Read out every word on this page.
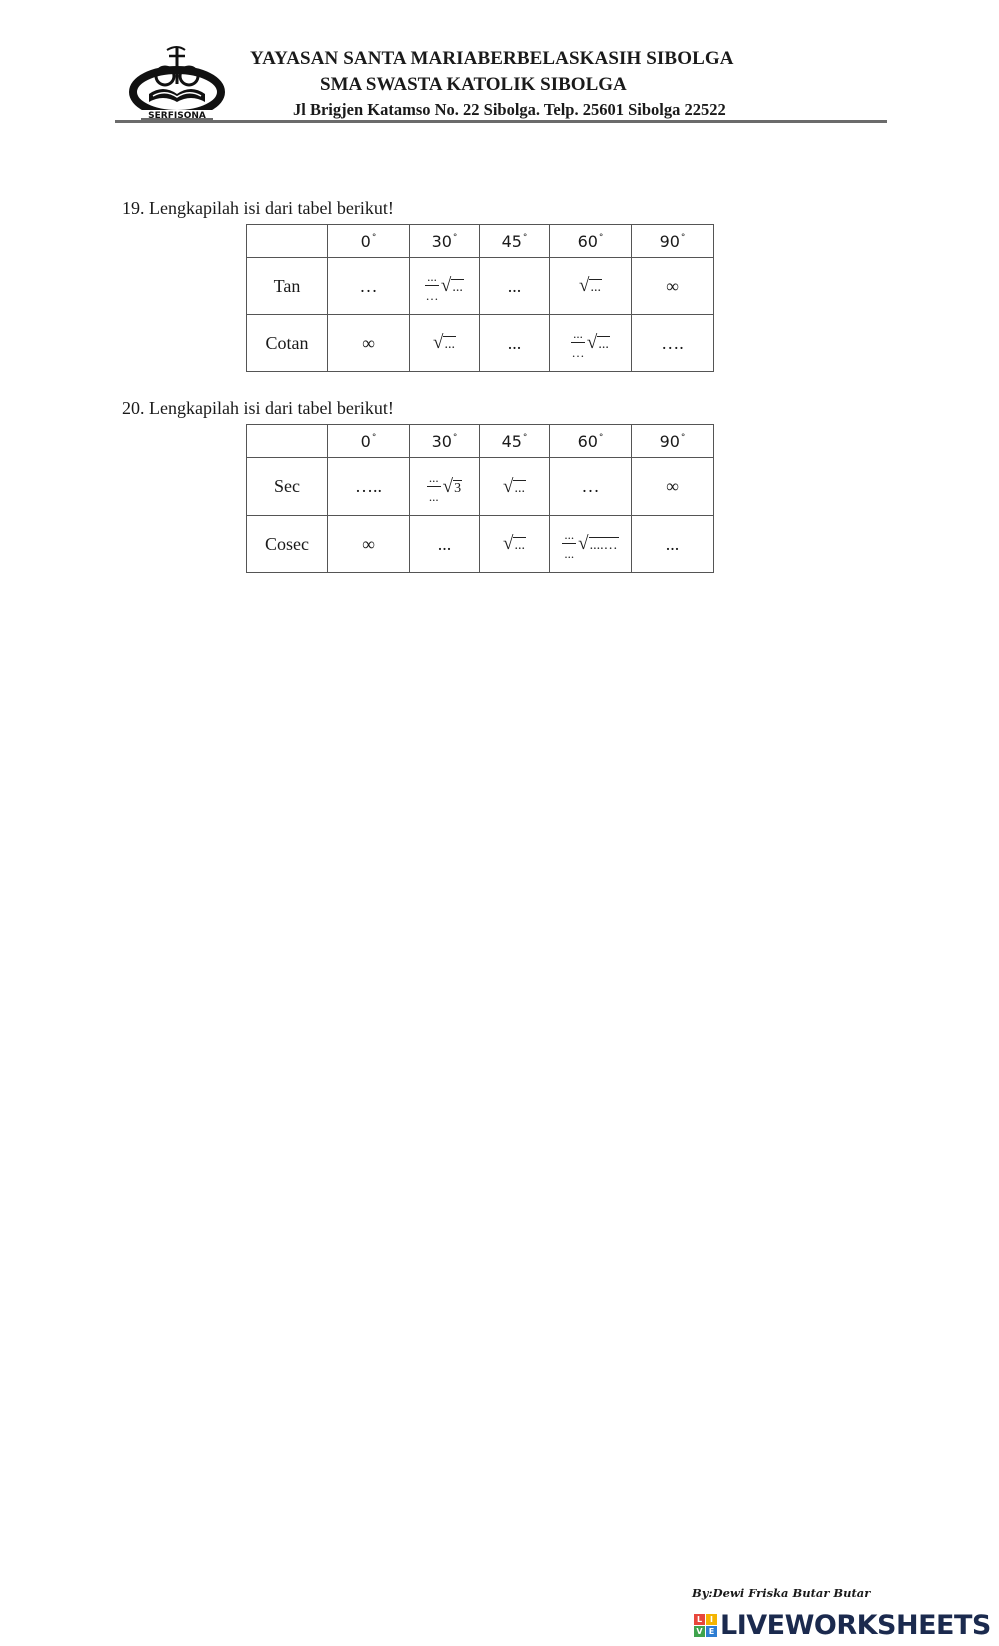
SERFISONA
YAYASAN SANTA MARIABERBELASKASIH SIBOLGA
SMA SWASTA KATOLIK SIBOLGA
Jl Brigjen Katamso No. 22 Sibolga. Telp. 25601 Sibolga 22522
19. Lengkapilah isi dari tabel berikut!
	0°	30°	45°	60°	90°
Tan	…	$\frac{...}{\dots}$ √...	...	√...	∞
Cotan	∞	√...	...	$\frac{...}{\dots}$ √...	….
20. Lengkapilah isi dari tabel berikut!
	0°	30°	45°	60°	90°
Sec	…..	$\frac{...}{...} √3$	√...	…	∞
Cosec	∞	...	√...	$\frac{...}{...}$ √....…	...
By:Dewi Friska Butar Butar
L I
V E LIVEWORKSHEETS
